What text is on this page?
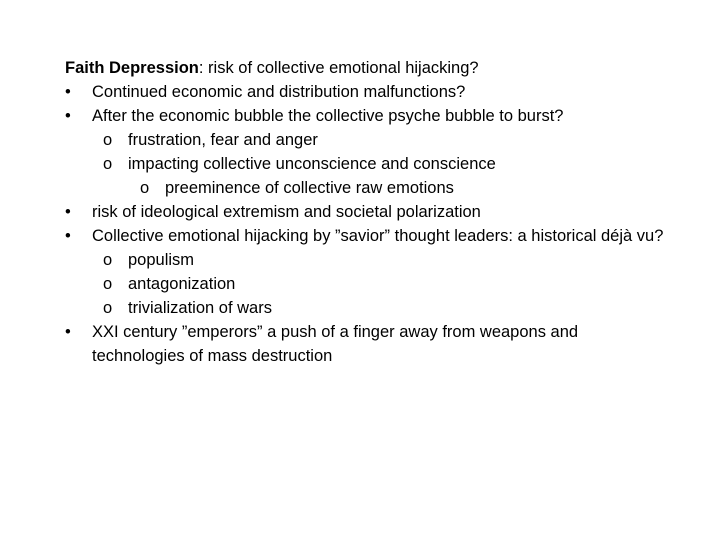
Faith Depression: risk of collective emotional hijacking?

• Continued economic and distribution malfunctions?
• After the economic bubble the collective psyche bubble to burst?
o frustration, fear and anger
o impacting collective unconscience and conscience
o preeminence of collective raw emotions
• risk of ideological extremism and societal polarization
• Collective emotional hijacking by ”savior” thought leaders: a historical déjà vu?
o populism
o antagonization
o trivialization of wars
• XXI century ”emperors” a push of a finger away from weapons and technologies of mass destruction
